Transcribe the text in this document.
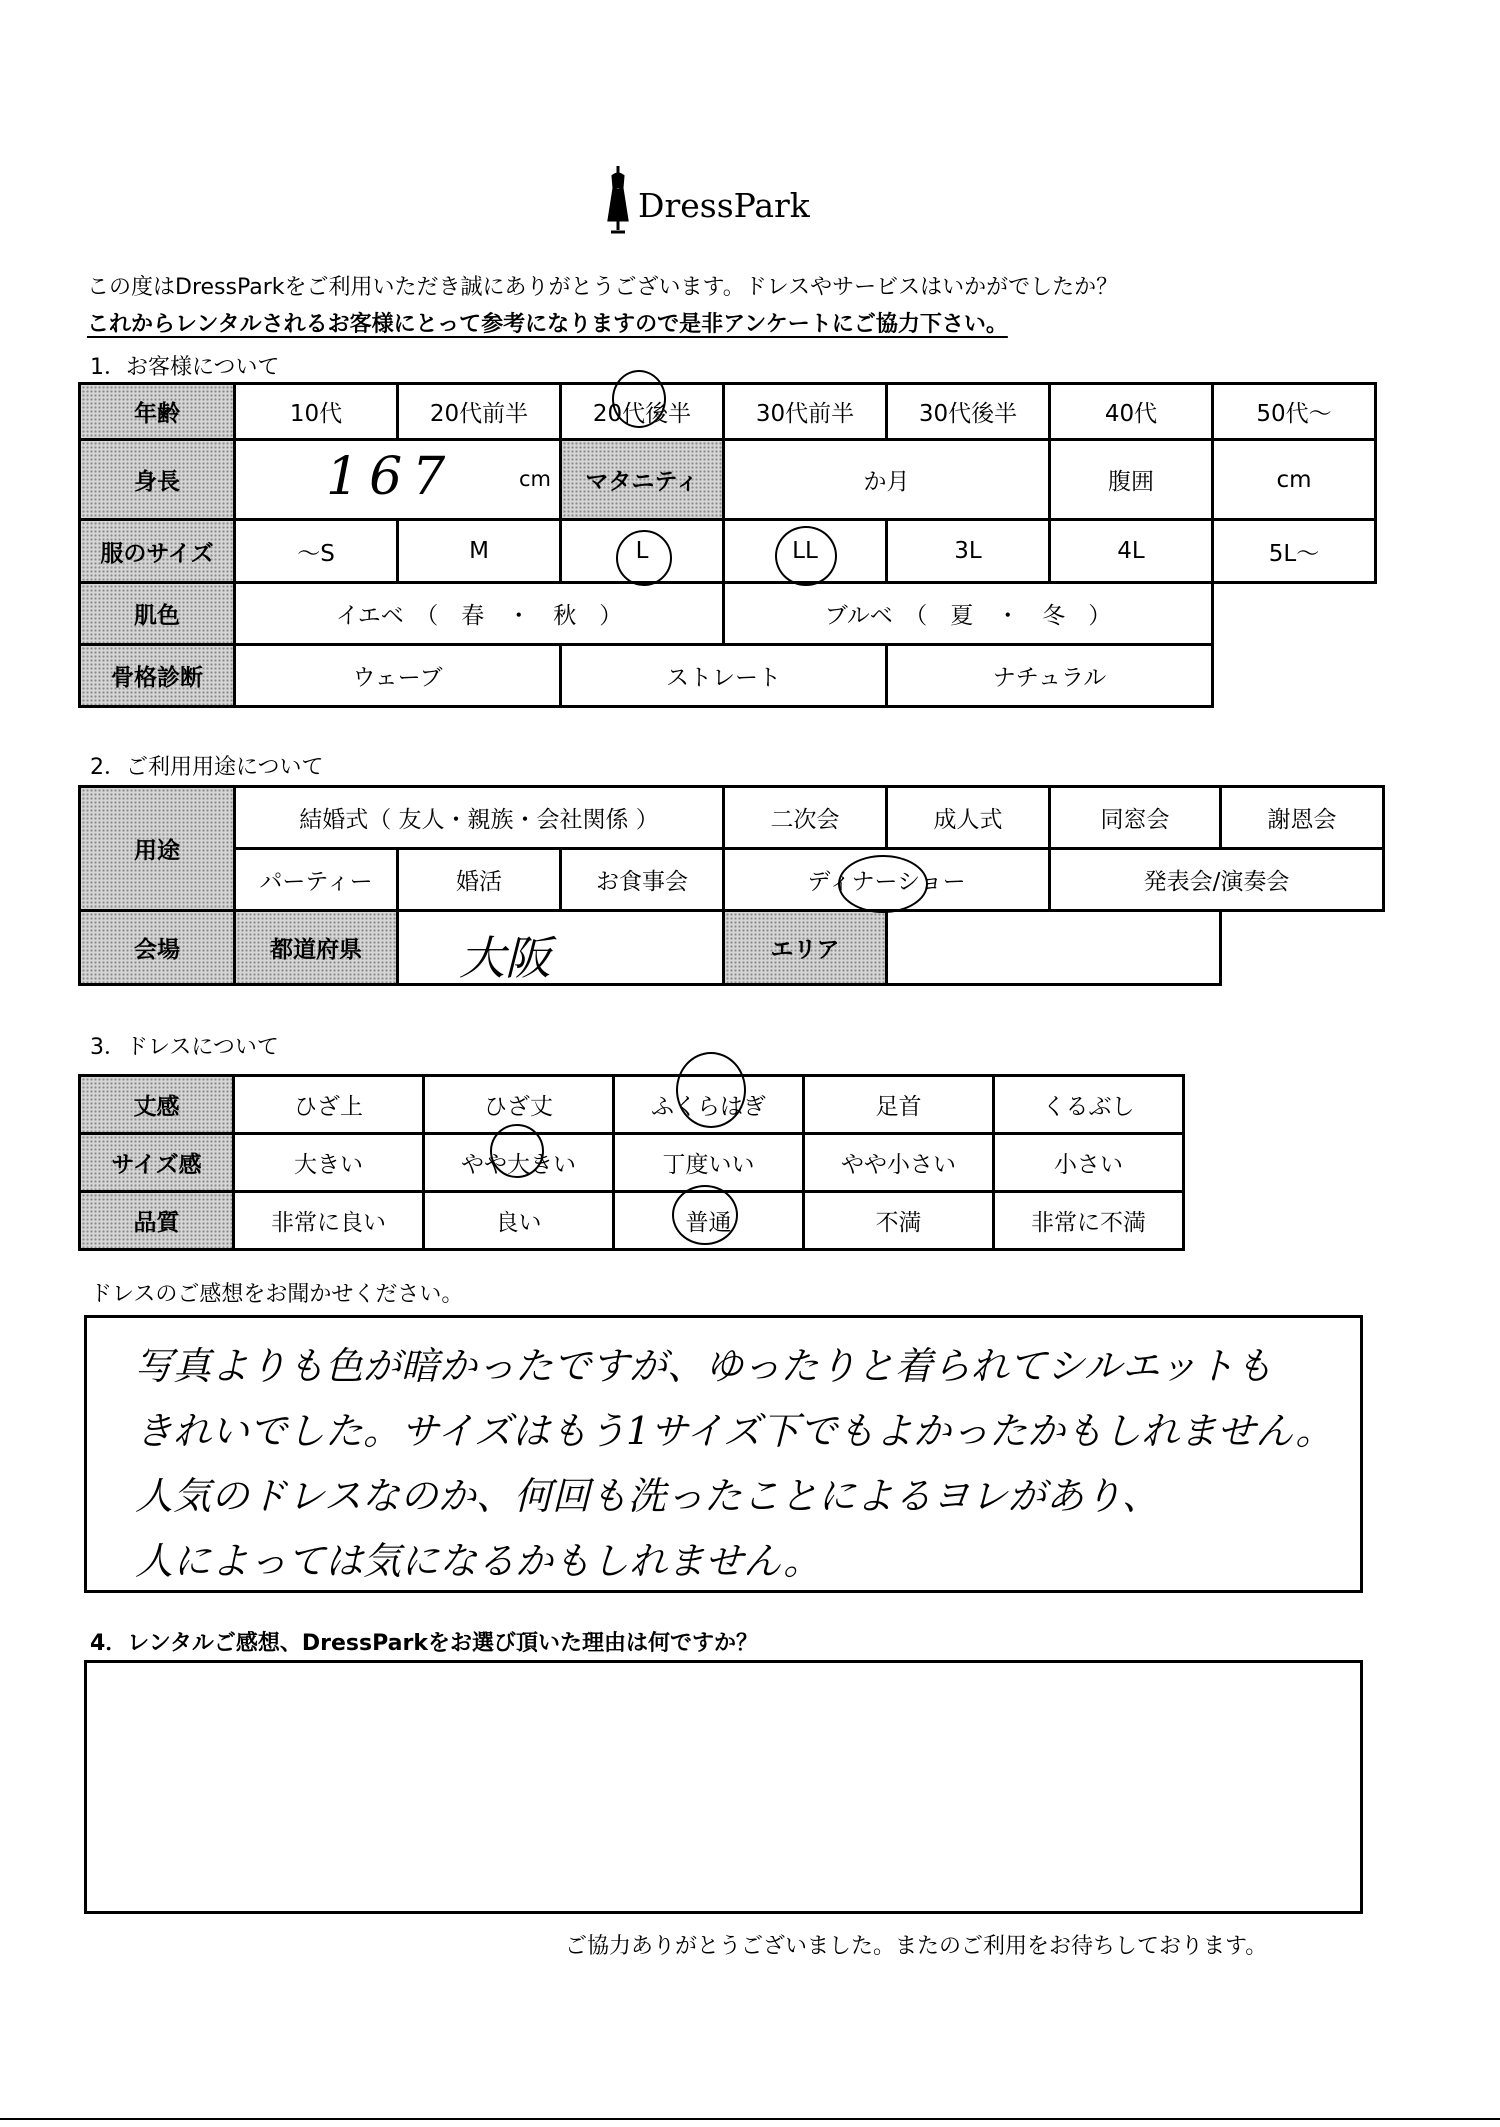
DressPark
この度はDressParkをご利用いただき誠にありがとうございます。ドレスやサービスはいかがでしたか？
これからレンタルされるお客様にとって参考になりますので是非アンケートにご協力下さい。
1．お客様について
年齢	10代	20代前半	20代後半	30代前半	30代後半	40代	50代～
身長	167 cm		マタニティ	か月		腹囲	cm
服のサイズ	～S	M	L	LL	3L	4L	5L～
肌色	イエベ　（　春　・　秋　）			ブルベ　（　夏　・　冬　）			
骨格診断	ウェーブ		ストレート		ナチュラル		
2．ご利用用途について
用途	結婚式（ 友人・親族・会社関係 ）			二次会	成人式	同窓会	謝恩会
	パーティー	婚活	お食事会	ディナーショー		発表会/演奏会	
会場	都道府県	大阪		エリア			
3．ドレスについて
丈感	ひざ上	ひざ丈	ふくらはぎ	足首	くるぶし
サイズ感	大きい	やや大きい	丁度いい	やや小さい	小さい
品質	非常に良い	良い	普通	不満	非常に不満
ドレスのご感想をお聞かせください。
写真よりも色が暗かったですが、ゆったりと着られてシルエットも
きれいでした。サイズはもう1サイズ下でもよかったかもしれません。
人気のドレスなのか、何回も洗ったことによるヨレがあり、
人によっては気になるかもしれません。
4．レンタルご感想、DressParkをお選び頂いた理由は何ですか？
ご協力ありがとうございました。またのご利用をお待ちしております。
